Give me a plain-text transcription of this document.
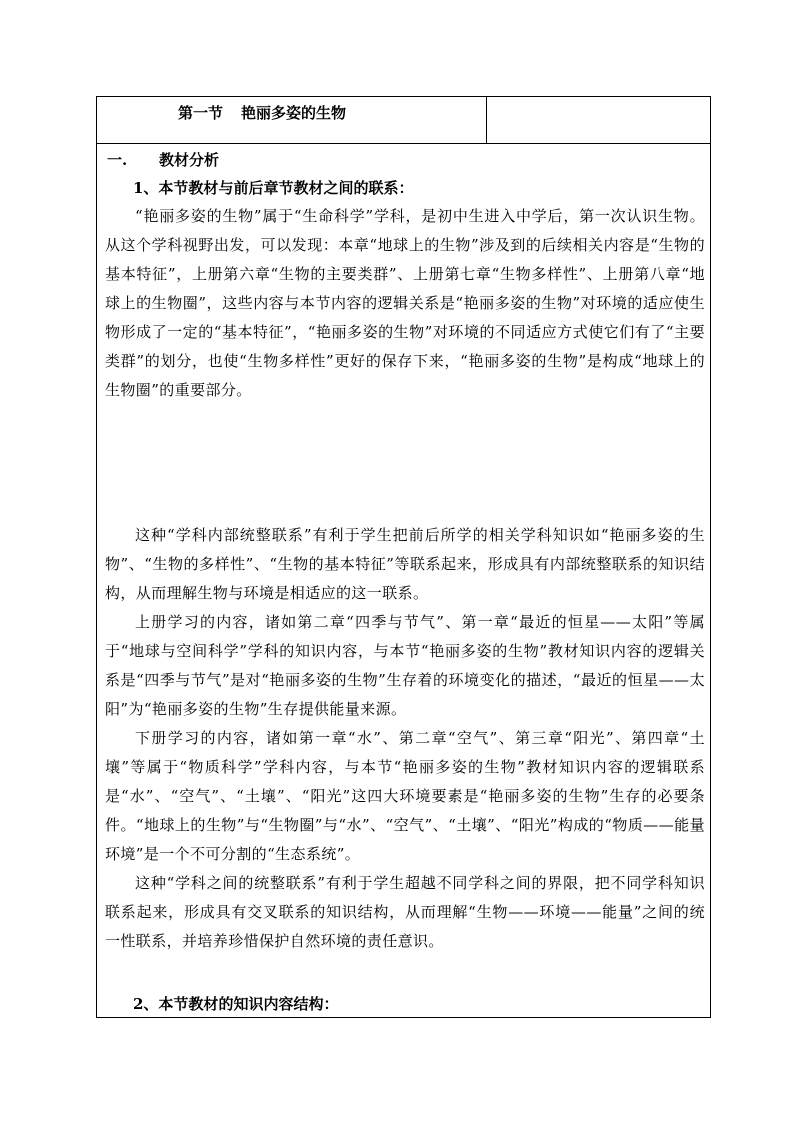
第一节 艳丽多姿的生物
一. 教材分析
1、本节教材与前后章节教材之间的联系：

“艳丽多姿的生物”属于“生命科学”学科，是初中生进入中学后，第一次认识生物。从这个学科视野出发，可以发现：本章“地球上的生物”涉及到的后续相关内容是“生物的基本特征”，上册第六章“生物的主要类群”、上册第七章“生物多样性”、上册第八章“地球上的生物圈”，这些内容与本节内容的逻辑关系是“艳丽多姿的生物”对环境的适应使生物形成了一定的“基本特征”，“艳丽多姿的生物”对环境的不同适应方式使它们有了“主要类群”的划分，也使“生物多样性”更好的保存下来，“艳丽多姿的生物”是构成“地球上的生物圈”的重要部分。

这种“学科内部统整联系”有利于学生把前后所学的相关学科知识如“艳丽多姿的生物”、“生物的多样性”、“生物的基本特征”等联系起来，形成具有内部统整联系的知识结构，从而理解生物与环境是相适应的这一联系。

上册学习的内容，诸如第二章“四季与节气”、第一章“最近的恒星——太阳”等属于“地球与空间科学”学科的知识内容，与本节“艳丽多姿的生物”教材知识内容的逻辑关系是“四季与节气”是对“艳丽多姿的生物”生存着的环境变化的描述，“最近的恒星——太阳”为“艳丽多姿的生物”生存提供能量来源。

下册学习的内容，诸如第一章“水”、第二章“空气”、第三章“阳光”、第四章“土壤”等属于“物质科学”学科内容，与本节“艳丽多姿的生物”教材知识内容的逻辑联系是“水”、“空气”、“土壤”、“阳光”这四大环境要素是“艳丽多姿的生物”生存的必要条件。“地球上的生物”与“生物圈”与“水”、“空气”、“土壤”、“阳光”构成的“物质——能量环境”是一个不可分割的“生态系统”。

这种“学科之间的统整联系”有利于学生超越不同学科之间的界限，把不同学科知识联系起来，形成具有交叉联系的知识结构，从而理解“生物——环境——能量”之间的统一性联系，并培养珍惜保护自然环境的责任意识。

2、本节教材的知识内容结构：
